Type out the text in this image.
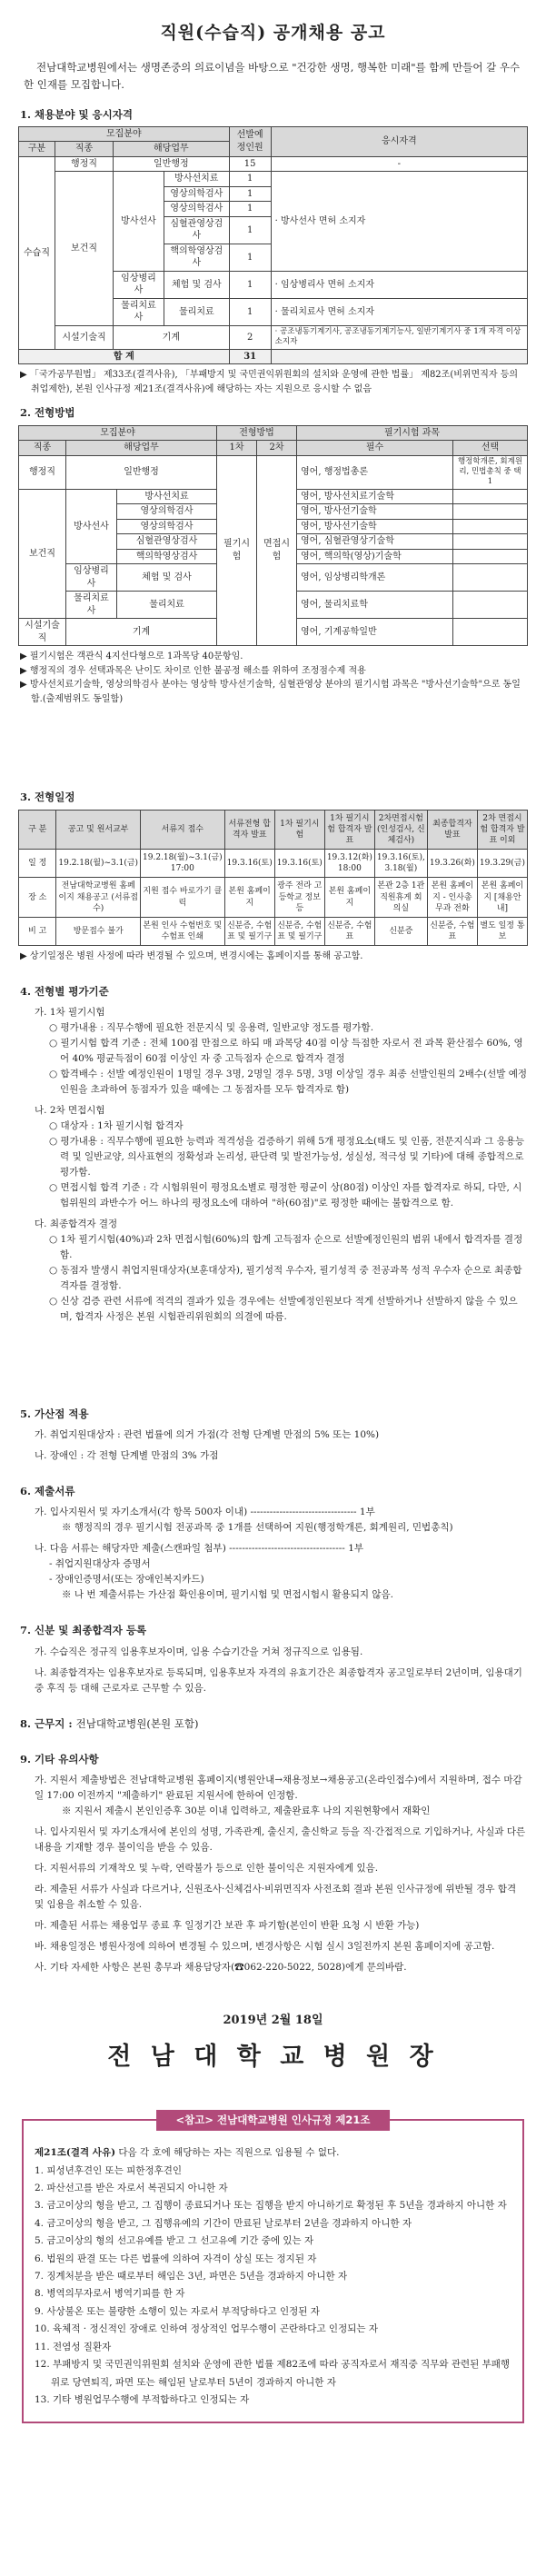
직원(수습직) 공개채용 공고
전남대학교병원에서는 생명존중의 의료이념을 바탕으로 "건강한 생명, 행복한 미래"를 함께 만들어 갈 우수한 인재를 모집합니다.
1. 채용분야 및 응시자격
모집분야				선발예정인원	응시자격
구분	직종	해당업무			
수습직	행정직	일반행정		15	-
	보건직	방사선사	방사선치료	1	· 방사선사 면허 소지자
			영상의학검사	1	
			영상의학검사	1	
			심혈관영상검사	1	
			핵의학영상검사	1	
		임상병리사	체험 및 검사	1	· 임상병리사 면허 소지자
		물리치료사	물리치료	1	· 물리치료사 면허 소지자
	시설기술직	기계		2	· 공조냉동기계기사, 공조냉동기계기능사, 일반기계기사 중 1개 자격 이상 소지자
합 계				31	

▶ 「국가공무원법」 제33조(결격사유), 「부패방지 및 국민권익위원회의 설치와 운영에 관한 법률」 제82조(비위면직자 등의 취업제한), 본원 인사규정 제21조(결격사유)에 해당하는 자는 지원으로 응시할 수 없음

2. 전형방법
모집분야			전형방법		필기시험 과목	
직종	해당업무		1차	2차	필수	선택
행정직	일반행정		필기시험	면접시험	영어, 행정법총론	행정학개론, 회계원리, 민법총칙 중 택 1
보건직	방사선사	방사선치료			영어, 방사선치료기술학	
		영상의학검사			영어, 방사선기술학	
		영상의학검사			영어, 방사선기술학	
		심혈관영상검사			영어, 심혈관영상기술학	
		핵의학영상검사			영어, 핵의학(영상)기술학	
	임상병리사	체험 및 검사			영어, 임상병리학개론	
	물리치료사	물리치료			영어, 물리치료학	
시설기술직	기계				영어, 기계공학일반	

▶ 필기시험은 객관식 4지선다형으로 1과목당 40문항임.

▶ 행정직의 경우 선택과목은 난이도 차이로 인한 불공정 해소를 위하여 조정점수제 적용

▶ 방사선치료기술학, 영상의학검사 분야는 영상학 방사선기술학, 심혈관영상 분야의 필기시험 과목은 "방사선기술학"으로 동일함.(출제범위도 동일함)

3. 전형일정
구 분	공고 및 원서교부	서류지 접수	서류전형 합격자 발표	1차 필기시험	1차 필기시험 합격자 발표	2차면접시험(인성검사, 신체검사)	최종합격자 발표	2차 면접시험 합격자 발표 이외
일 정	19.2.18(월)~3.1(금)	19.2.18(월)~3.1(금) 17:00	19.3.16(토)	19.3.16(토)	19.3.12(화) 18:00	19.3.16(토), 3.18(월)	19.3.26(화)	19.3.29(금)
장 소	전남대학교병원 홈페이지 채용공고 (서류접수)	지원 접수 바로가기 클릭	본원 홈페이지	광주 전라 고등학교 정보 등	본원 홈페이지	본관 2층 1관 직원휴게 회의실	본원 홈페이지 - 인사총무과 전화	본원 홈페이지 [채용안내]
비 고	방문접수 불가	본원 인사 수험번호 및 수험표 인쇄	신분증, 수험표 및 필기구	신분증, 수험표 및 필기구	신분증, 수험표	신분증	신분증, 수험표	별도 일정 통보

▶ 상기일정은 병원 사정에 따라 변경될 수 있으며, 변경시에는 홈페이지를 통해 공고함.

4. 전형별 평가기준
가. 1차 필기시험
○ 평가내용 : 직무수행에 필요한 전문지식 및 응용력, 일반교양 정도를 평가함.
○ 필기시험 합격 기준 : 전체 100점 만점으로 하되 매 과목당 40점 이상 득점한 자로서 전 과목 환산점수 60%, 영어 40% 평균득점이 60점 이상인 자 중 고득점자 순으로 합격자 결정
○ 합격배수 : 선발 예정인원이 1명일 경우 3명, 2명일 경우 5명, 3명 이상일 경우 최종 선발인원의 2배수(선발 예정인원을 초과하여 동점자가 있을 때에는 그 동점자를 모두 합격자로 함)
나. 2차 면접시험
○ 대상자 : 1차 필기시험 합격자
○ 평가내용 : 직무수행에 필요한 능력과 적격성을 검증하기 위해 5개 평정요소(태도 및 인품, 전문지식과 그 응용능력 및 일반교양, 의사표현의 정확성과 논리성, 판단력 및 발전가능성, 성실성, 적극성 및 기타)에 대해 종합적으로 평가함.
○ 면접시험 합격 기준 : 각 시험위원이 평정요소별로 평정한 평균이 상(80점) 이상인 자를 합격자로 하되, 다만, 시험위원의 과반수가 어느 하나의 평정요소에 대하여 "하(60점)"로 평정한 때에는 불합격으로 함.
다. 최종합격자 결정
○ 1차 필기시험(40%)과 2차 면접시험(60%)의 합계 고득점자 순으로 선발예정인원의 범위 내에서 합격자를 결정함.
○ 동점자 발생시 취업지원대상자(보훈대상자), 필기성적 우수자, 필기성적 중 전공과목 성적 우수자 순으로 최종합격자를 결정함.
○ 신상 검증 관련 서류에 적격의 결과가 있을 경우에는 선발예정인원보다 적게 선발하거나 선발하지 않을 수 있으며, 합격자 사정은 본원 시험관리위원회의 의결에 따름.
5. 가산점 적용
가. 취업지원대상자 : 관련 법률에 의거 가점(각 전형 단계별 만점의 5% 또는 10%)
나. 장애인 : 각 전형 단계별 만점의 3% 가점
6. 제출서류
가. 입사지원서 및 자기소개서(각 항목 500자 이내) --------------------------------- 1부
※ 행정직의 경우 필기시험 전공과목 중 1개를 선택하여 지원(행정학개론, 회계원리, 민법총칙)
나. 다음 서류는 해당자만 제출(스캔파일 첨부) ------------------------------------ 1부
- 취업지원대상자 증명서
- 장애인증명서(또는 장애인복지카드)
※ 나 번 제출서류는 가산점 확인용이며, 필기시험 및 면접시험시 활용되지 않음.
7. 신분 및 최종합격자 등록
가. 수습직은 정규직 임용후보자이며, 임용 수습기간을 거쳐 정규직으로 임용됨.
나. 최종합격자는 임용후보자로 등록되며, 임용후보자 자격의 유효기간은 최종합격자 공고일로부터 2년이며, 임용대기 중 후직 등 대해 근로자로 근무할 수 있음.
8. 근무지 : 전남대학교병원(본원 포함)
9. 기타 유의사항
가. 지원서 제출방법은 전남대학교병원 홈페이지(병원안내→채용정보→채용공고(온라인접수)에서 지원하며, 접수 마감일 17:00 이전까지 "제출하기" 완료된 지원서에 한하여 인정함.
※ 지원서 제출시 본인인증후 30분 이내 입력하고, 제출완료후 나의 지원현황에서 재확인
나. 입사지원서 및 자기소개서에 본인의 성명, 가족관계, 출신지, 출신학교 등을 직·간접적으로 기입하거나, 사실과 다른 내용을 기재할 경우 불이익을 받을 수 있음.
다. 지원서류의 기재착오 및 누락, 연락불가 등으로 인한 불이익은 지원자에게 있음.
라. 제출된 서류가 사실과 다르거나, 신원조사·신체검사·비위면직자 사전조회 결과 본원 인사규정에 위반될 경우 합격 및 임용을 취소할 수 있음.
마. 제출된 서류는 채용업무 종료 후 일정기간 보관 후 파기함(본인이 반환 요청 시 반환 가능)
바. 채용일정은 병원사정에 의하여 변경될 수 있으며, 변경사항은 시험 실시 3일전까지 본원 홈페이지에 공고함.
사. 기타 자세한 사항은 본원 총무과 채용담당자(☎062-220-5022, 5028)에게 문의바람.
2019년 2월 18일
전 남 대 학 교 병 원 장
<참고> 전남대학교병원 인사규정 제21조

제21조(결격 사유) 다음 각 호에 해당하는 자는 직원으로 임용될 수 없다.

1. 피성년후견인 또는 피한정후견인

2. 파산선고를 받은 자로서 복권되지 아니한 자

3. 금고이상의 형을 받고, 그 집행이 종료되거나 또는 집행을 받지 아니하기로 확정된 후 5년을 경과하지 아니한 자

4. 금고이상의 형을 받고, 그 집행유예의 기간이 만료된 날로부터 2년을 경과하지 아니한 자

5. 금고이상의 형의 선고유예를 받고 그 선고유예 기간 중에 있는 자

6. 법원의 판결 또는 다른 법률에 의하여 자격이 상실 또는 정지된 자

7. 징계처분을 받은 때로부터 해임은 3년, 파면은 5년을 경과하지 아니한 자

8. 병역의무자로서 병역기피를 한 자

9. 사상불온 또는 불량한 소행이 있는 자로서 부적당하다고 인정된 자

10. 육체적 · 정신적인 장애로 인하여 정상적인 업무수행이 곤란하다고 인정되는 자

11. 전염성 질환자

12. 부패방지 및 국민권익위원회 설치와 운영에 관한 법률 제82조에 따라 공직자로서 재직중 직무와 관련된 부패행위로 당연퇴직, 파면 또는 해임된 날로부터 5년이 경과하지 아니한 자

13. 기타 병원업무수행에 부적합하다고 인정되는 자
